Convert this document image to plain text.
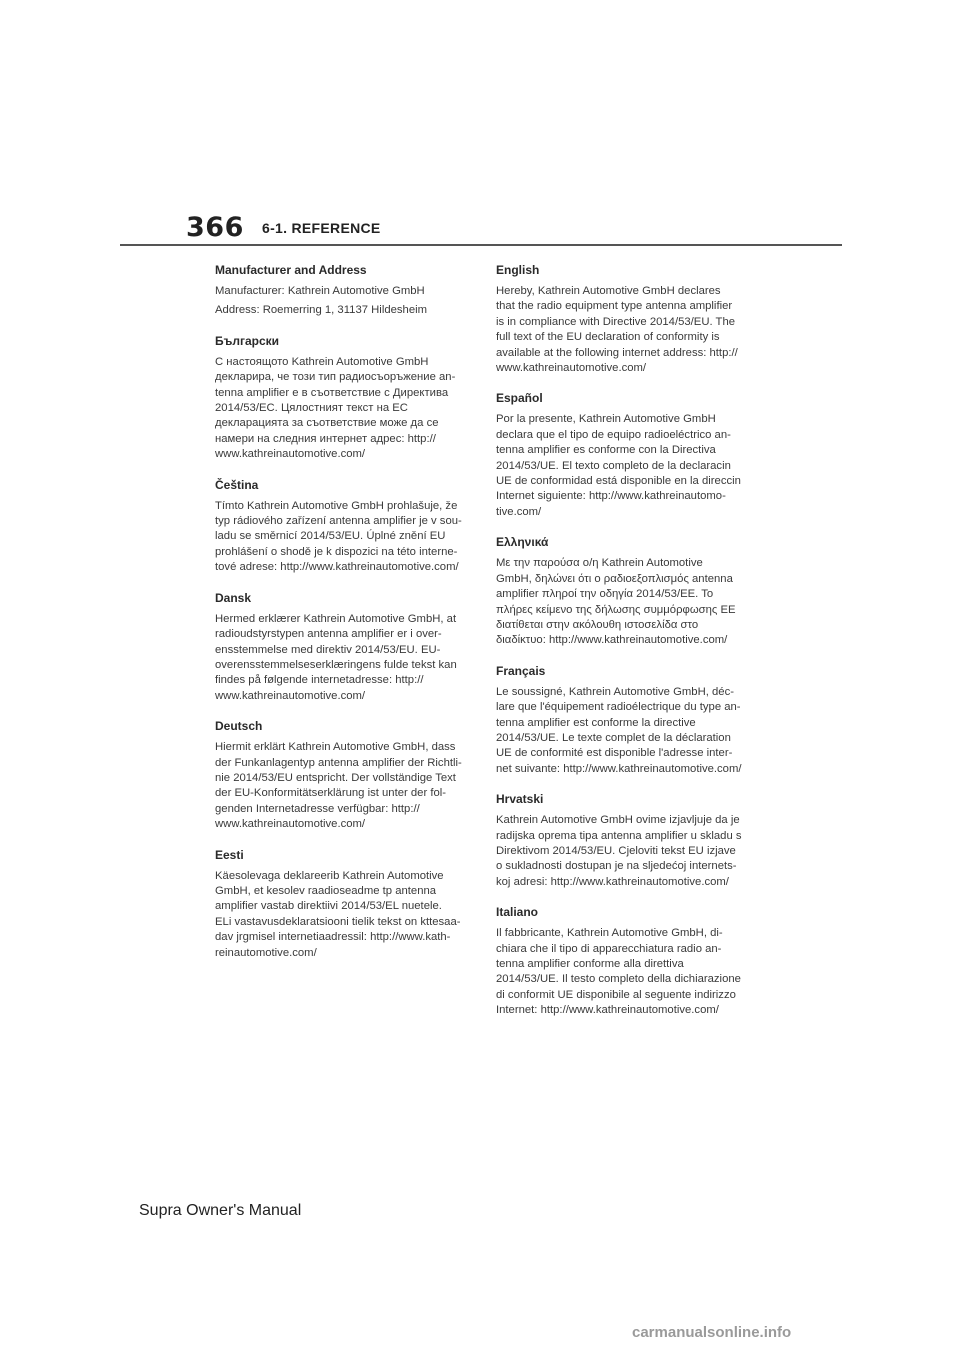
366 6-1. REFERENCE
Manufacturer and Address
Manufacturer: Kathrein Automotive GmbH
Address: Roemerring 1, 31137 Hildesheim
Български
С настоящото Kathrein Automotive GmbH
декларира, че този тип радиосъоръжение an-
tenna amplifier е в съответствие с Директива
2014/53/ЕС. Цялостният текст на ЕС
декларацията за съответствие може да се
намери на следния интернет адрес: http://
www.kathreinautomotive.com/
Čeština
Tímto Kathrein Automotive GmbH prohlašuje, že
typ rádiového zařízení antenna amplifier je v sou-
ladu se směrnicí 2014/53/EU. Úplné znění EU
prohlášení o shodě je k dispozici na této interne-
tové adrese: http://www.kathreinautomotive.com/
Dansk
Hermed erklærer Kathrein Automotive GmbH, at
radioudstyrstypen antenna amplifier er i over-
ensstemmelse med direktiv 2014/53/EU. EU-
overensstemmelseserklæringens fulde tekst kan
findes på følgende internetadresse: http://
www.kathreinautomotive.com/
Deutsch
Hiermit erklärt Kathrein Automotive GmbH, dass
der Funkanlagentyp antenna amplifier der Richtli-
nie 2014/53/EU entspricht. Der vollständige Text
der EU-Konformitätserklärung ist unter der fol-
genden Internetadresse verfügbar: http://
www.kathreinautomotive.com/
Eesti
Käesolevaga deklareerib Kathrein Automotive
GmbH, et kesolev raadioseadme tp antenna
amplifier vastab direktiivi 2014/53/EL nuetele.
ELi vastavusdeklaratsiooni tielik tekst on kttesaa-
dav jrgmisel internetiaadressil: http://www.kath-
reinautomotive.com/
English
Hereby, Kathrein Automotive GmbH declares
that the radio equipment type antenna amplifier
is in compliance with Directive 2014/53/EU. The
full text of the EU declaration of conformity is
available at the following internet address: http://
www.kathreinautomotive.com/
Español
Por la presente, Kathrein Automotive GmbH
declara que el tipo de equipo radioeléctrico an-
tenna amplifier es conforme con la Directiva
2014/53/UE. El texto completo de la declaracin
UE de conformidad está disponible en la direccin
Internet siguiente: http://www.kathreinautomo-
tive.com/
Ελληνικά
Με την παρούσα ο/η Kathrein Automotive
GmbH, δηλώνει ότι ο ραδιοεξοπλισμός antenna
amplifier πληροί την οδηγία 2014/53/ΕΕ. Το
πλήρες κείμενο της δήλωσης συμμόρφωσης ΕΕ
διατίθεται στην ακόλουθη ιστοσελίδα στο
διαδίκτυο: http://www.kathreinautomotive.com/
Français
Le soussigné, Kathrein Automotive GmbH, déc-
lare que l'équipement radioélectrique du type an-
tenna amplifier est conforme la directive
2014/53/UE. Le texte complet de la déclaration
UE de conformité est disponible l'adresse inter-
net suivante: http://www.kathreinautomotive.com/
Hrvatski
Kathrein Automotive GmbH ovime izjavljuje da je
radijska oprema tipa antenna amplifier u skladu s
Direktivom 2014/53/EU. Cjeloviti tekst EU izjave
o sukladnosti dostupan je na sljedećoj internets-
koj adresi: http://www.kathreinautomotive.com/
Italiano
Il fabbricante, Kathrein Automotive GmbH, di-
chiara che il tipo di apparecchiatura radio an-
tenna amplifier conforme alla direttiva
2014/53/UE. Il testo completo della dichiarazione
di conformit UE disponibile al seguente indirizzo
Internet: http://www.kathreinautomotive.com/
Supra Owner's Manual
carmanualsonline.info
